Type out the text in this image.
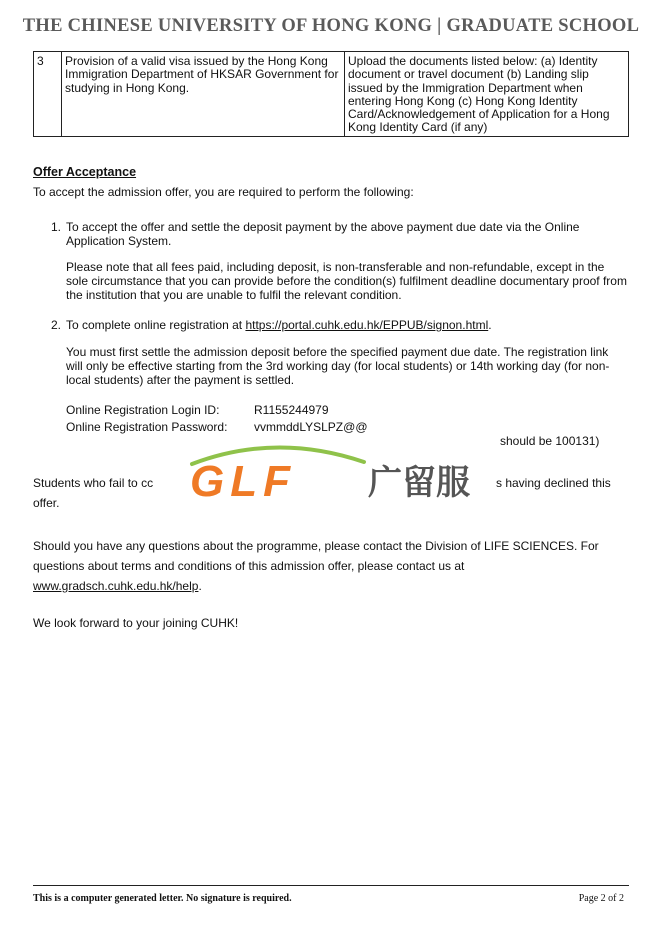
THE CHINESE UNIVERSITY OF HONG KONG | GRADUATE SCHOOL
3	Provision of a valid visa issued by the Hong Kong Immigration Department of HKSAR Government for studying in Hong Kong.	Upload the documents listed below: (a) Identity document or travel document (b) Landing slip issued by the Immigration Department when entering Hong Kong (c) Hong Kong Identity Card/Acknowledgement of Application for a Hong Kong Identity Card (if any)
Offer Acceptance
To accept the admission offer, you are required to perform the following:
1. To accept the offer and settle the deposit payment by the above payment due date via the Online Application System.
Please note that all fees paid, including deposit, is non-transferable and non-refundable, except in the sole circumstance that you can provide before the condition(s) fulfilment deadline documentary proof from the institution that you are unable to fulfil the relevant condition.
2. To complete online registration at https://portal.cuhk.edu.hk/EPPUB/signon.html.
You must first settle the admission deposit before the specified payment due date. The registration link will only be effective starting from the 3rd working day (for local students) or 14th working day (for non-local students) after the payment is settled.
Online Registration Login ID:	R1155244979
Online Registration Password: vvmmddLYSLPZ@@
should be 100131)
Students who fail to cc	s having declined this
offer.
Should you have any questions about the programme, please contact the Division of LIFE SCIENCES. For questions about terms and conditions of this admission offer, please contact us at www.gradsch.cuhk.edu.hk/help.
We look forward to your joining CUHK!
GLF 广留服
This is a computer generated letter. No signature is required.	Page 2 of 2
